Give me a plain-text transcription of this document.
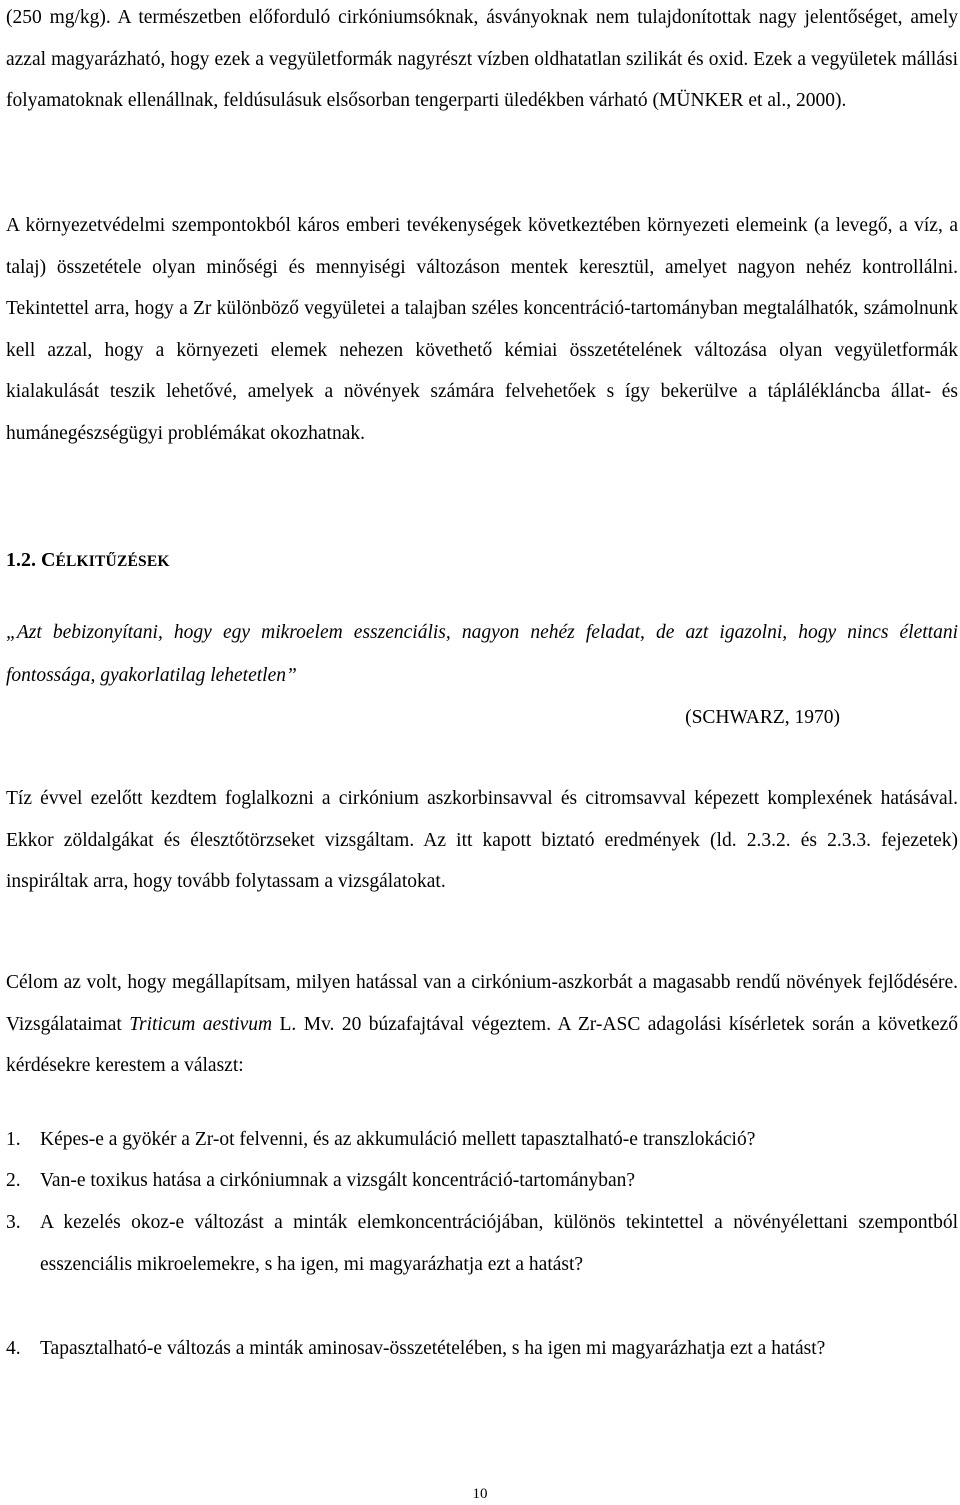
(250 mg/kg). A természetben előforduló cirkóniumsóknak, ásványoknak nem tulajdonítottak nagy jelentőséget, amely azzal magyarázható, hogy ezek a vegyületformák nagyrészt vízben oldhatatlan szilikát és oxid. Ezek a vegyületek mállási folyamatoknak ellenállnak, feldúsulásuk elsősorban tengerparti üledékben várható (MÜNKER et al., 2000).

A környezetvédelmi szempontokból káros emberi tevékenységek következtében környezeti elemeink (a levegő, a víz, a talaj) összetétele olyan minőségi és mennyiségi változáson mentek keresztül, amelyet nagyon nehéz kontrollálni. Tekintettel arra, hogy a Zr különböző vegyületei a talajban széles koncentráció-tartományban megtalálhatók, számolnunk kell azzal, hogy a környezeti elemek nehezen követhető kémiai összetételének változása olyan vegyületformák kialakulását teszik lehetővé, amelyek a növények számára felvehetőek s így bekerülve a táplálékláncba állat- és humánegészségügyi problémákat okozhatnak.

1.2. CÉLKITŰZÉSEK

„Azt bebizonyítani, hogy egy mikroelem esszenciális, nagyon nehéz feladat, de azt igazolni, hogy nincs élettani fontossága, gyakorlatilag lehetetlen”

(SCHWARZ, 1970)

Tíz évvel ezelőtt kezdtem foglalkozni a cirkónium aszkorbinsavval és citromsavval képezett komplexének hatásával. Ekkor zöldalgákat és élesztőtörzseket vizsgáltam. Az itt kapott biztató eredmények (ld. 2.3.2. és 2.3.3. fejezetek) inspiráltak arra, hogy tovább folytassam a vizsgálatokat.

Célom az volt, hogy megállapítsam, milyen hatással van a cirkónium-aszkorbát a magasabb rendű növények fejlődésére. Vizsgálataimat Triticum aestivum L. Mv. 20 búzafajtával végeztem. A Zr-ASC adagolási kísérletek során a következő kérdésekre kerestem a választ:

1. Képes-e a gyökér a Zr-ot felvenni, és az akkumuláció mellett tapasztalható-e transzlokáció?
2. Van-e toxikus hatása a cirkóniumnak a vizsgált koncentráció-tartományban?
3. A kezelés okoz-e változást a minták elemkoncentrációjában, különös tekintettel a növényélettani szempontból esszenciális mikroelemekre, s ha igen, mi magyarázhatja ezt a hatást?
4. Tapasztalható-e változás a minták aminosav-összetételében, s ha igen mi magyarázhatja ezt a hatást?
10
